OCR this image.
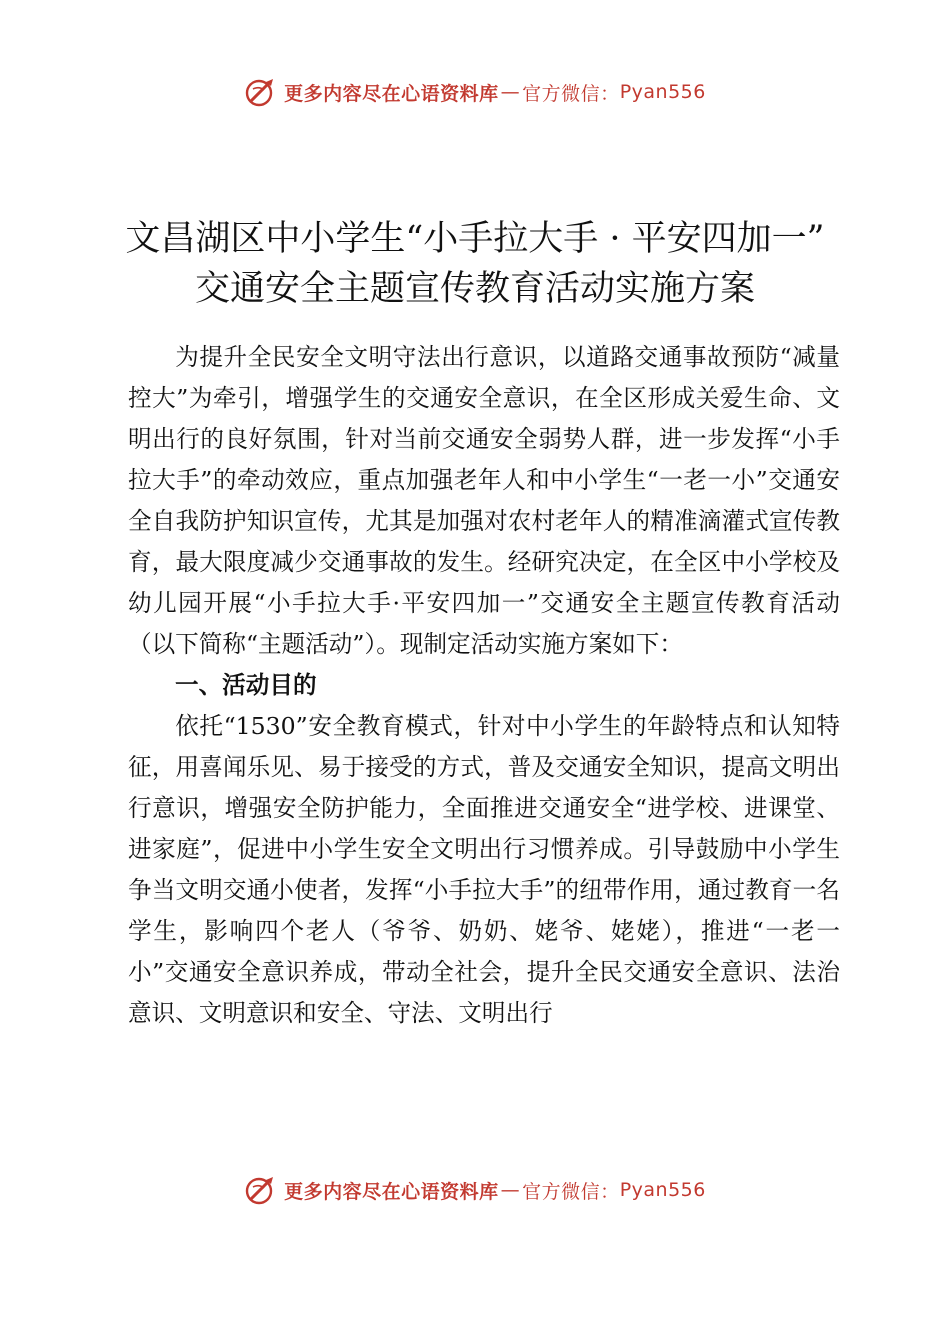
更多内容尽在心语资料库 — 官方微信： Pyan556
文昌湖区中小学生“小手拉大手 · 平安四加一”
交通安全主题宣传教育活动实施方案

为提升全民安全文明守法出行意识，以道路交通事故预防“减量控大”为牵引，增强学生的交通安全意识，在全区形成关爱生命、文明出行的良好氛围，针对当前交通安全弱势人群，进一步发挥“小手拉大手”的牵动效应，重点加强老年人和中小学生“一老一小”交通安全自我防护知识宣传，尤其是加强对农村老年人的精准滴灌式宣传教育，最大限度减少交通事故的发生。经研究决定，在全区中小学校及幼儿园开展“小手拉大手·平安四加一”交通安全主题宣传教育活动（以下简称“主题活动”）。现制定活动实施方案如下：

一、活动目的

依托“1530”安全教育模式，针对中小学生的年龄特点和认知特征，用喜闻乐见、易于接受的方式，普及交通安全知识，提高文明出行意识，增强安全防护能力，全面推进交通安全“进学校、进课堂、进家庭”，促进中小学生安全文明出行习惯养成。引导鼓励中小学生争当文明交通小使者，发挥“小手拉大手”的纽带作用，通过教育一名学生，影响四个老人（爷爷、奶奶、姥爷、姥姥），推进“一老一小”交通安全意识养成，带动全社会，提升全民交通安全意识、法治意识、文明意识和安全、守法、文明出行

更多内容尽在心语资料库 — 官方微信： Pyan556
